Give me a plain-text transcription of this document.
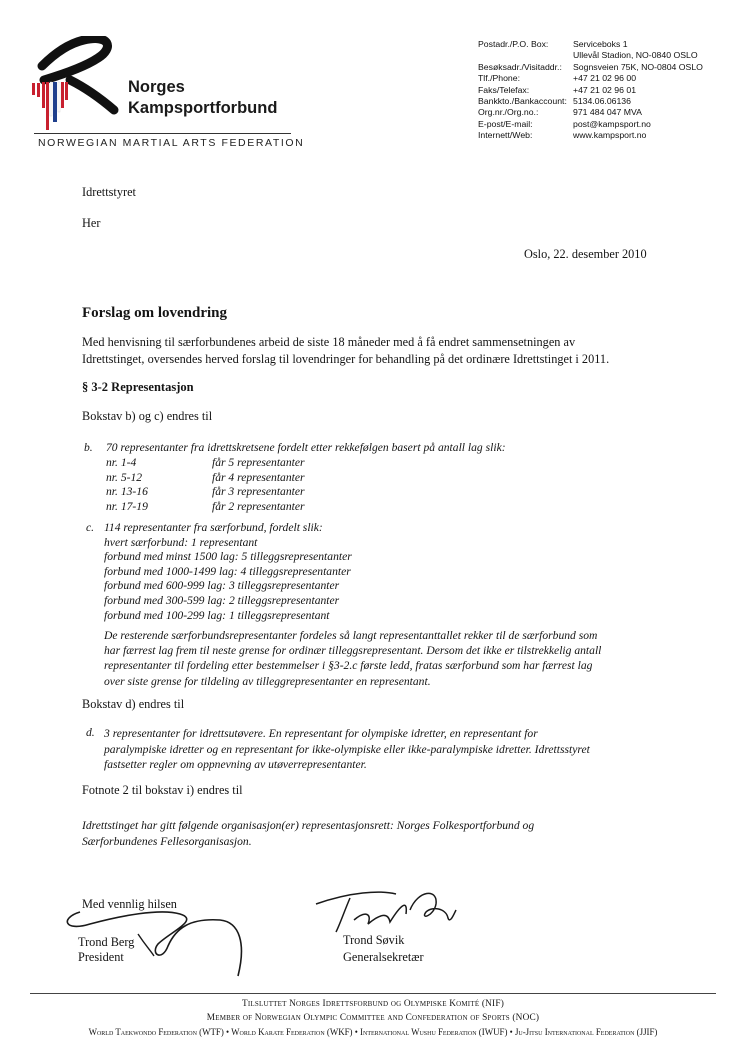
Norges
Kampsportforbund
NORWEGIAN MARTIAL ARTS FEDERATION
Postadr./P.O. Box:	Serviceboks 1
Ullevål Stadion, NO-0840 OSLO
Besøksadr./Visitaddr.:	Sognsveien 75K, NO-0804 OSLO
Tlf./Phone:	+47 21 02 96 00
Faks/Telefax:	+47 21 02 96 01
Bankkto./Bankaccount: 5134.06.06136
Org.nr./Org.no.:	971 484 047 MVA
E-post/E-mail:	post@kampsport.no
Internett/Web:	www.kampsport.no
Idrettstyret
Her
Oslo, 22. desember 2010
Forslag om lovendring
Med henvisning til særforbundenes arbeid de siste 18 måneder med å få endret sammensetningen av
Idrettstinget, oversendes herved forslag til lovendringer for behandling på det ordinære Idrettstinget i 2011.
§ 3-2 Representasjon
Bokstav b) og c) endres til
b. 70 representanter fra idrettskretsene fordelt etter rekkefølgen basert på antall lag slik:
nr. 1-4	får 5 representanter
nr. 5-12	får 4 representanter
nr. 13-16	får 3 representanter
nr. 17-19	får 2 representanter
c. 114 representanter fra særforbund, fordelt slik:
hvert særforbund: 1 representant
forbund med minst 1500 lag: 5 tilleggsrepresentanter
forbund med 1000-1499 lag: 4 tilleggsrepresentanter
forbund med 600-999 lag: 3 tilleggsrepresentanter
forbund med 300-599 lag: 2 tilleggsrepresentanter
forbund med 100-299 lag: 1 tilleggsrepresentant
De resterende særforbundsrepresentanter fordeles så langt representanttallet rekker til de særforbund som
har færrest lag frem til neste grense for ordinær tilleggsrepresentant. Dersom det ikke er tilstrekkelig antall
representanter til fordeling etter bestemmelser i §3-2.c første ledd, fratas særforbund som har færrest lag
over siste grense for tildeling av tilleggrepresentanter en representant.
Bokstav d) endres til
d. 3 representanter for idrettsutøvere. En representant for olympiske idretter, en representant for
paralympiske idretter og en representant for ikke-olympiske eller ikke-paralympiske idretter. Idrettsstyret
fastsetter regler om oppnevning av utøverrepresentanter.
Fotnote 2 til bokstav i) endres til
Idrettstinget har gitt følgende organisasjon(er) representasjonsrett: Norges Folkesportforbund og
Særforbundenes Fellesorganisasjon.
Med vennlig hilsen
Trond Berg
President
Trond Søvik
Generalsekretær
Tilsluttet Norges Idrettsforbund og Olympiske Komité (NIF)
Member of Norwegian Olympic Committee and Confederation of Sports (NOC)
World Taekwondo Federation (WTF) • World Karate Federation (WKF) • International Wushu Federation (IWUF) • Ju-Jitsu International Federation (JJIF)
